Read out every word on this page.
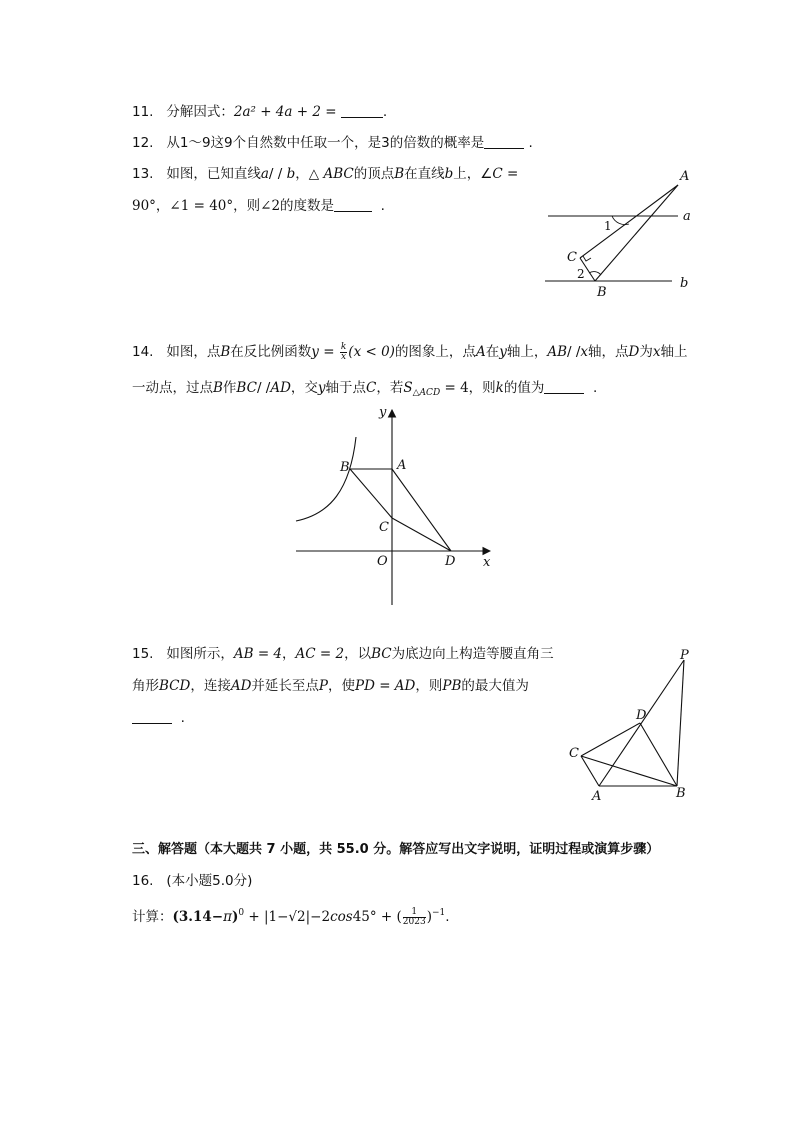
11. 分解因式：2a² + 4a + 2 =	.
12. 从1～9这9个自然数中任取一个，是3的倍数的概率是	.
13. 如图，已知直线a/ / b，△ ABC的顶点B在直线b上，∠C =
90°，∠1 = 40°，则∠2的度数是	.
A
a
b
B
C
1
2
14. 如图，点B在反比例函数$y = \frac{k}{x} (x < 0)$的图象上，点A在y轴上，AB/ /x轴，点D为x轴上
一动点，过点B作BC/ /AD，交y轴于点C，若$S_{\triangle ACD} = 4$，则k的值为	.
y
x
A
B
C
O	D
15. 如图所示，AB = 4，AC = 2，以BC为底边向上构造等腰直角三
角形BCD，连接AD并延长至点P，使PD = AD，则PB的最大值为
.
P
D
C
A	B
三、解答题（本大题共 7 小题，共 55.0 分。解答应写出文字说明，证明过程或演算步骤）
16. (本小题5.0分)
计算：$(3.14-\pi)^0 + |1-√2|-2\cos 45^\circ$ + ( $\frac{1}{2023} )^{-1}$.
